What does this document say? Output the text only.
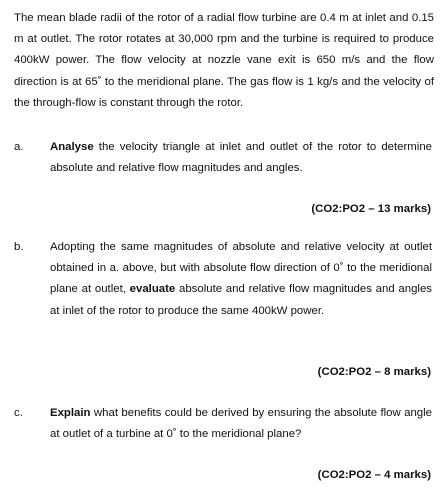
The mean blade radii of the rotor of a radial flow turbine are 0.4 m at inlet and 0.15 m at outlet. The rotor rotates at 30,000 rpm and the turbine is required to produce 400kW power. The flow velocity at nozzle vane exit is 650 m/s and the flow direction is at 65˚ to the meridional plane. The gas flow is 1 kg/s and the velocity of the through-flow is constant through the rotor.

a. Analyse the velocity triangle at inlet and outlet of the rotor to determine absolute and relative flow magnitudes and angles.

(CO2:PO2 – 13 marks)
b. Adopting the same magnitudes of absolute and relative velocity at outlet obtained in a. above, but with absolute flow direction of 0˚ to the meridional plane at outlet, evaluate absolute and relative flow magnitudes and angles at inlet of the rotor to produce the same 400kW power.

(CO2:PO2 – 8 marks)
c. Explain what benefits could be derived by ensuring the absolute flow angle at outlet of a turbine at 0˚ to the meridional plane?

(CO2:PO2 – 4 marks)
